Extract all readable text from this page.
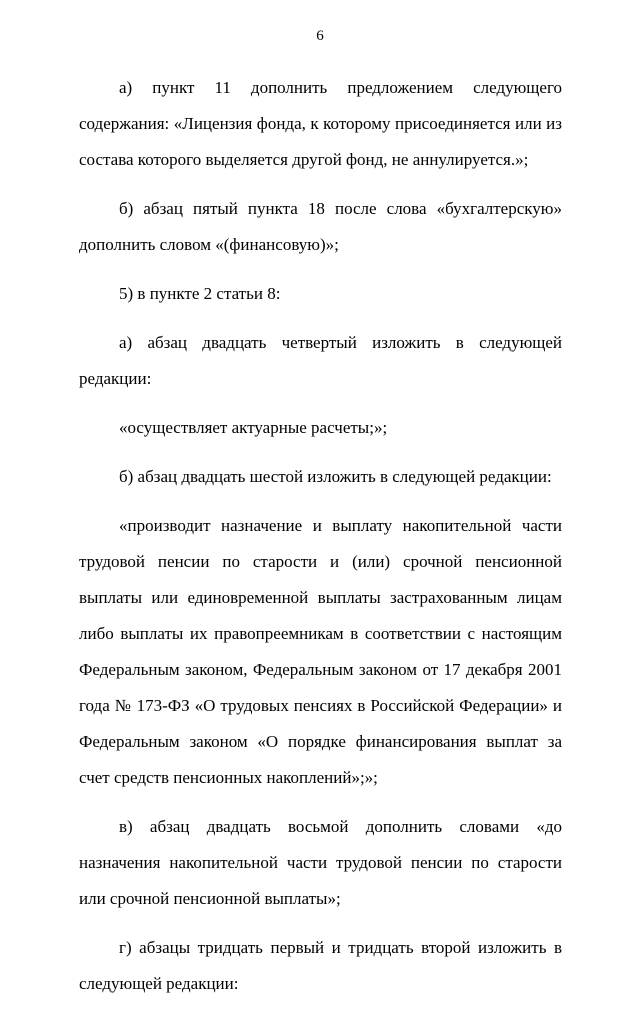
6

а) пункт 11 дополнить предложением следующего содержания: «Лицензия фонда, к которому присоединяется или из состава которого выделяется другой фонд, не аннулируется.»;

б) абзац пятый пункта 18 после слова «бухгалтерскую» дополнить словом «(финансовую)»;

5) в пункте 2 статьи 8:

а) абзац двадцать четвертый изложить в следующей редакции:

«осуществляет актуарные расчеты;»;

б) абзац двадцать шестой изложить в следующей редакции:

«производит назначение и выплату накопительной части трудовой пенсии по старости и (или) срочной пенсионной выплаты или единовременной выплаты застрахованным лицам либо выплаты их правопреемникам в соответствии с настоящим Федеральным законом, Федеральным законом от 17 декабря 2001 года № 173-ФЗ «О трудовых пенсиях в Российской Федерации» и Федеральным законом «О порядке финансирования выплат за счет средств пенсионных накоплений»;»;

в) абзац двадцать восьмой дополнить словами «до назначения накопительной части трудовой пенсии по старости или срочной пенсионной выплаты»;

г) абзацы тридцать первый и тридцать второй изложить в следующей редакции:
